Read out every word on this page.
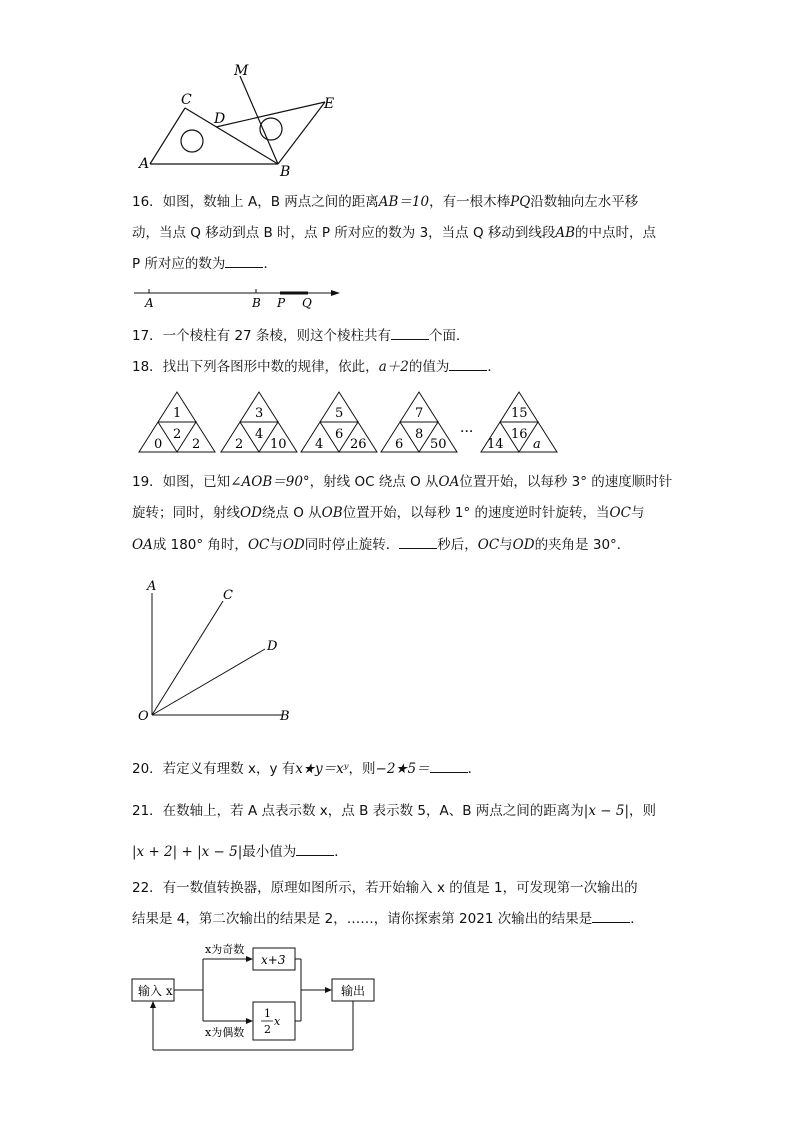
M
C
D
E
A	B
16．如图，数轴上 A，B 两点之间的距离AB＝10，有一根木棒PQ沿数轴向左水平移
动，当点 Q 移动到点 B 时，点 P 所对应的数为 3，当点 Q 移动到线段AB的中点时，点
P 所对应的数为	．
A	B P Q
17．一个棱柱有 27 条棱，则这个棱柱共有	个面．
18．找出下列各图形中数的规律，依此，a＋2的值为	．
1
2
0 2
3
4
2 10
5
6
4 26
7
8
6 50
···
15
16
14 a
19．如图，已知∠AOB＝90°，射线 OC 绕点 O 从OA位置开始，以每秒 3° 的速度顺时针
旋转；同时，射线OD绕点 O 从OB位置开始，以每秒 1° 的速度逆时针旋转，当OC与
OA成 180° 角时，OC与OD同时停止旋转．	秒后，OC与OD的夹角是 30°．
A
C
D
O	B
20．若定义有理数 x，y 有x★y＝xʸ，则−2★5＝	．
21．在数轴上，若 A 点表示数 x，点 B 表示数 5，A、B 两点之间的距离为|x − 5|，则
|x + 2| + |x − 5|最小值为	．
22．有一数值转换器，原理如图所示，若开始输入 x 的值是 1，可发现第一次输出的
结果是 4，第二次输出的结果是 2，……，请你探索第 2021 次输出的结果是	．
输入 x
x为奇数
x为偶数
x+3
1
2
x
输出
